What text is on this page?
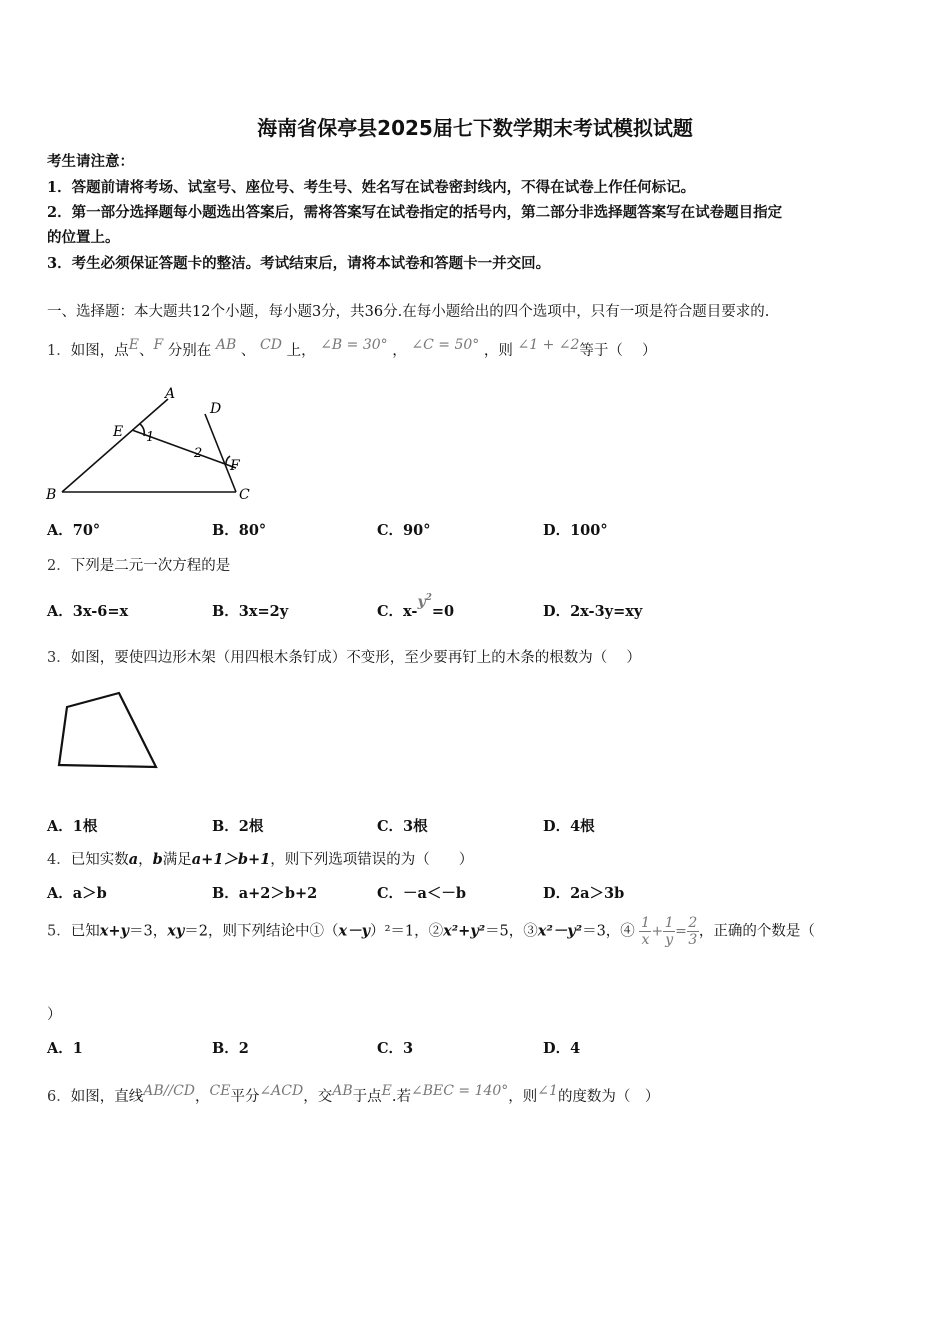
海南省保亭县2025届七下数学期末考试模拟试题
考生请注意：
1．答题前请将考场、试室号、座位号、考生号、姓名写在试卷密封线内，不得在试卷上作任何标记。
2．第一部分选择题每小题选出答案后，需将答案写在试卷指定的括号内，第二部分非选择题答案写在试卷题目指定
的位置上。
3．考生必须保证答题卡的整洁。考试结束后，请将本试卷和答题卡一并交回。
一、选择题：本大题共12个小题，每小题3分，共36分.在每小题给出的四个选项中，只有一项是符合题目要求的.
1．如图，点$^E$、$^F$ 分别在 $^{AB}$ 、 $^{CD}$ 上， $^{\angle B = 30^\circ}$ ， $^{\angle C = 50^\circ}$ ，则 $^{\angle 1 + \angle 2}$等于（　 ）
A
B	C
D
E
F
1
2
A．70°	B．80°	C．90°	D．100°
2．下列是二元一次方程的是
A．3x-6=x	B．3x=2y	C．$x-y^2=0$	D．2x-3y=xy
3．如图，要使四边形木架（用四根木条钉成）不变形，至少要再钉上的木条的根数为（　 ）
A．1根	B．2根	C．3根	D．4根
4．已知实数a，b满足a+1＞b+1，则下列选项错误的为（　　）
A．a＞b	B．a+2＞b+2	C．－a＜－b	D．2a＞3b
5．已知x+y＝3，xy＝2，则下列结论中①（x－y）²＝1，②x²+y²＝5，③x²－y²＝3，④ $\frac{1}{x} + \frac{1}{y} = \frac{2}{3}$ ，正确的个数是（
）
A．1	B．2	C．3	D．4
6．如图，直线$^{AB//CD}$，$^{CE}$平分$^{\angle ACD}$，交$^{AB}$于点$^E$.若$^{\angle BEC = 140^\circ}$，则$^{\angle 1}$的度数为（　）
